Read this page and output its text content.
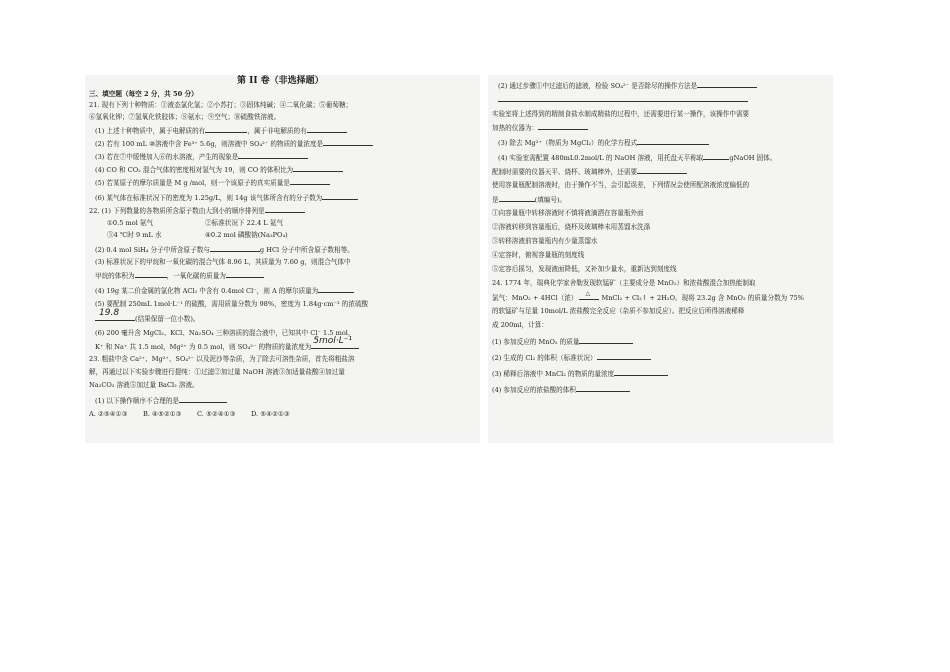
第 II 卷（非选择题）
三、填空题（每空 2 分，共 50 分）
21. 现有下列十种物质：①液态氯化氢；②小苏打；③固体纯碱；④二氧化碳；⑤葡萄糖；
⑥氢氧化钾；⑦氢氧化铁胶体；⑧氨水；⑨空气；⑩硫酸铁溶液。
(1) 上述十种物质中，属于电解质的有	，属于非电解质的有
(2) 若有 100 mL ⑩溶液中含 Fe³⁺ 5.6g，则溶液中 SO₄²⁻ 的物质的量浓度是
(3) 若在⑦中缓慢加入⑥的水溶液，产生的现象是
(4) CO 和 CO₂ 混合气体的密度相对氢气为 19，则 CO 的体积比为
(5) 若某原子的摩尔质量是 M g /mol，则一个该原子的真实质量是
(6) 某气体在标准状况下的密度为 1.25g/L，则 14g 该气体所含有的分子数为
22. (1) 下列数量的各物质所含原子数由大到小的顺序排列是
①0.5 mol 氨气	②标准状况下 22.4 L 氦气
③4 ℃时 9 mL 水	④0.2 mol 磷酸钠(Na₃PO₄)
(2) 0.4 mol SiH₄ 分子中所含原子数与	g HCl 分子中所含原子数相等。
(3) 标准状况下的甲烷和一氧化碳的混合气体 8.96 L，其质量为 7.60 g，则混合气体中
甲烷的体积为	，一氧化碳的质量为
(4) 19g 某二价金属的氯化物 ACl₂ 中含有 0.4mol Cl⁻，则 A 的摩尔质量为
(5) 要配制 250mL 1mol·L⁻¹ 的硫酸，需用质量分数为 98%，密度为 1.84g·cm⁻³ 的浓硫酸
19.8
(结果保留一位小数)。
(6) 200 毫升含 MgCl₂、KCl、Na₂SO₄ 三种溶质的混合液中，已知其中 Cl⁻ 1.5 mol，
K⁺ 和 Na⁺ 共 1.5 mol，Mg²⁺ 为 0.5 mol，则 SO₄²⁻ 的物质的量浓度为
5mol·L⁻¹
23. 粗盐中含 Ca²⁺、Mg²⁺、SO₄²⁻ 以及泥沙等杂质，为了除去可溶性杂质，首先将粗盐溶
解，再通过以下实验步骤进行提纯：①过滤②加过量 NaOH 溶液③加适量盐酸④加过量
Na₂CO₃ 溶液⑤加过量 BaCl₂ 溶液。
(1) 以下操作顺序不合理的是
A. ②⑤④①③ B. ④⑤②①③ C. ⑤②④①③ D. ⑤④②①③
(2) 通过步骤①中过滤后的滤液，检验 SO₄²⁻ 是否除尽的操作方法是
实验室将上述得到的精制食盐水制成精盐的过程中，还需要进行某一操作，该操作中需要
加热的仪器为：
(3) 除去 Mg²⁺（物质为 MgCl₂）的化学方程式
(4) 实验室需配置 480mL0.2mol/L 的 NaOH 溶液，用托盘天平称取	gNaOH 固体。
配制时需要的仪器天平、烧杯、玻璃棒外，还需要
使用容量瓶配制溶液时，由于操作不当，会引起误差，下列情况会使所配溶液浓度偏低的
是	(填编号)。
①向容量瓶中转移溶液时不慎将液滴洒在容量瓶外面
②溶液转移到容量瓶后，烧杯及玻璃棒未用蒸馏水洗涤
③转移溶液前容量瓶内有少量蒸馏水
④定容时，俯视容量瓶的刻度线
⑤定容后摇匀，发现液面降低，又补加少量水，重新达到刻度线
24. 1774 年，瑞典化学家舍勒发现软锰矿（主要成分是 MnO₂）和浓盐酸混合加热能制取
氯气：MnO₂ + 4HCl（浓）
△
MnCl₂ + Cl₂↑ + 2H₂O。现将 23.2g 含 MnO₂ 的质量分数为 75%
的软锰矿与足量 10mol/L 浓盐酸完全反应（杂质不参加反应）。把反应后所得溶液稀释
成 200ml，计算：
(1) 参加反应的 MnO₂ 的质量
(2) 生成的 Cl₂ 的体积（标准状况）
(3) 稀释后溶液中 MnCl₂ 的物质的量浓度
(4) 参加反应的浓盐酸的体积
